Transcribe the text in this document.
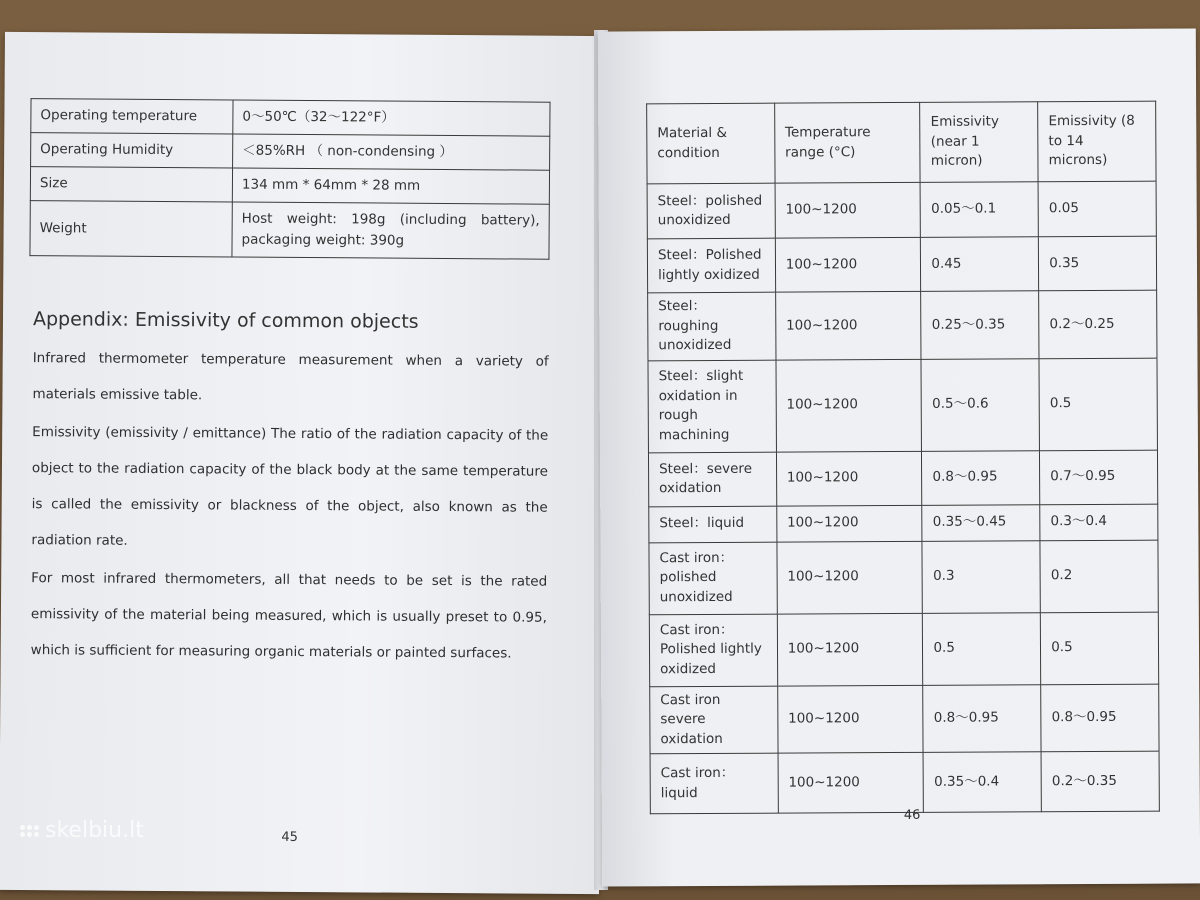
Operating temperature	0～50℃（32～122°F）
Operating Humidity	＜85%RH （ non-condensing ）
Size	134 mm * 64mm * 28 mm
Weight	Host weight: 198g (including battery), packaging weight: 390g
Appendix: Emissivity of common objects

Infrared thermometer temperature measurement when a variety of materials emissive table.

Emissivity (emissivity / emittance) The ratio of the radiation capacity of the object to the radiation capacity of the black body at the same temperature is called the emissivity or blackness of the object, also known as the radiation rate.

For most infrared thermometers, all that needs to be set is the rated emissivity of the material being measured, which is usually preset to 0.95, which is sufficient for measuring organic materials or painted surfaces.

45
Material & condition	Temperature range (°C)	Emissivity (near 1 micron)	Emissivity (8 to 14 microns)
Steel：polished unoxidized	100~1200	0.05～0.1	0.05
Steel：Polished lightly oxidized	100~1200	0.45	0.35
Steel：roughing unoxidized	100~1200	0.25～0.35	0.2～0.25
Steel：slight oxidation in rough machining	100~1200	0.5～0.6	0.5
Steel：severe oxidation	100~1200	0.8～0.95	0.7～0.95
Steel：liquid	100~1200	0.35～0.45	0.3～0.4
Cast iron：polished unoxidized	100~1200	0.3	0.2
Cast iron：Polished lightly oxidized	100~1200	0.5	0.5
Cast iron severe oxidation	100~1200	0.8～0.95	0.8～0.95
Cast iron：liquid	100~1200	0.35～0.4	0.2～0.35
46
skelbiu.lt
